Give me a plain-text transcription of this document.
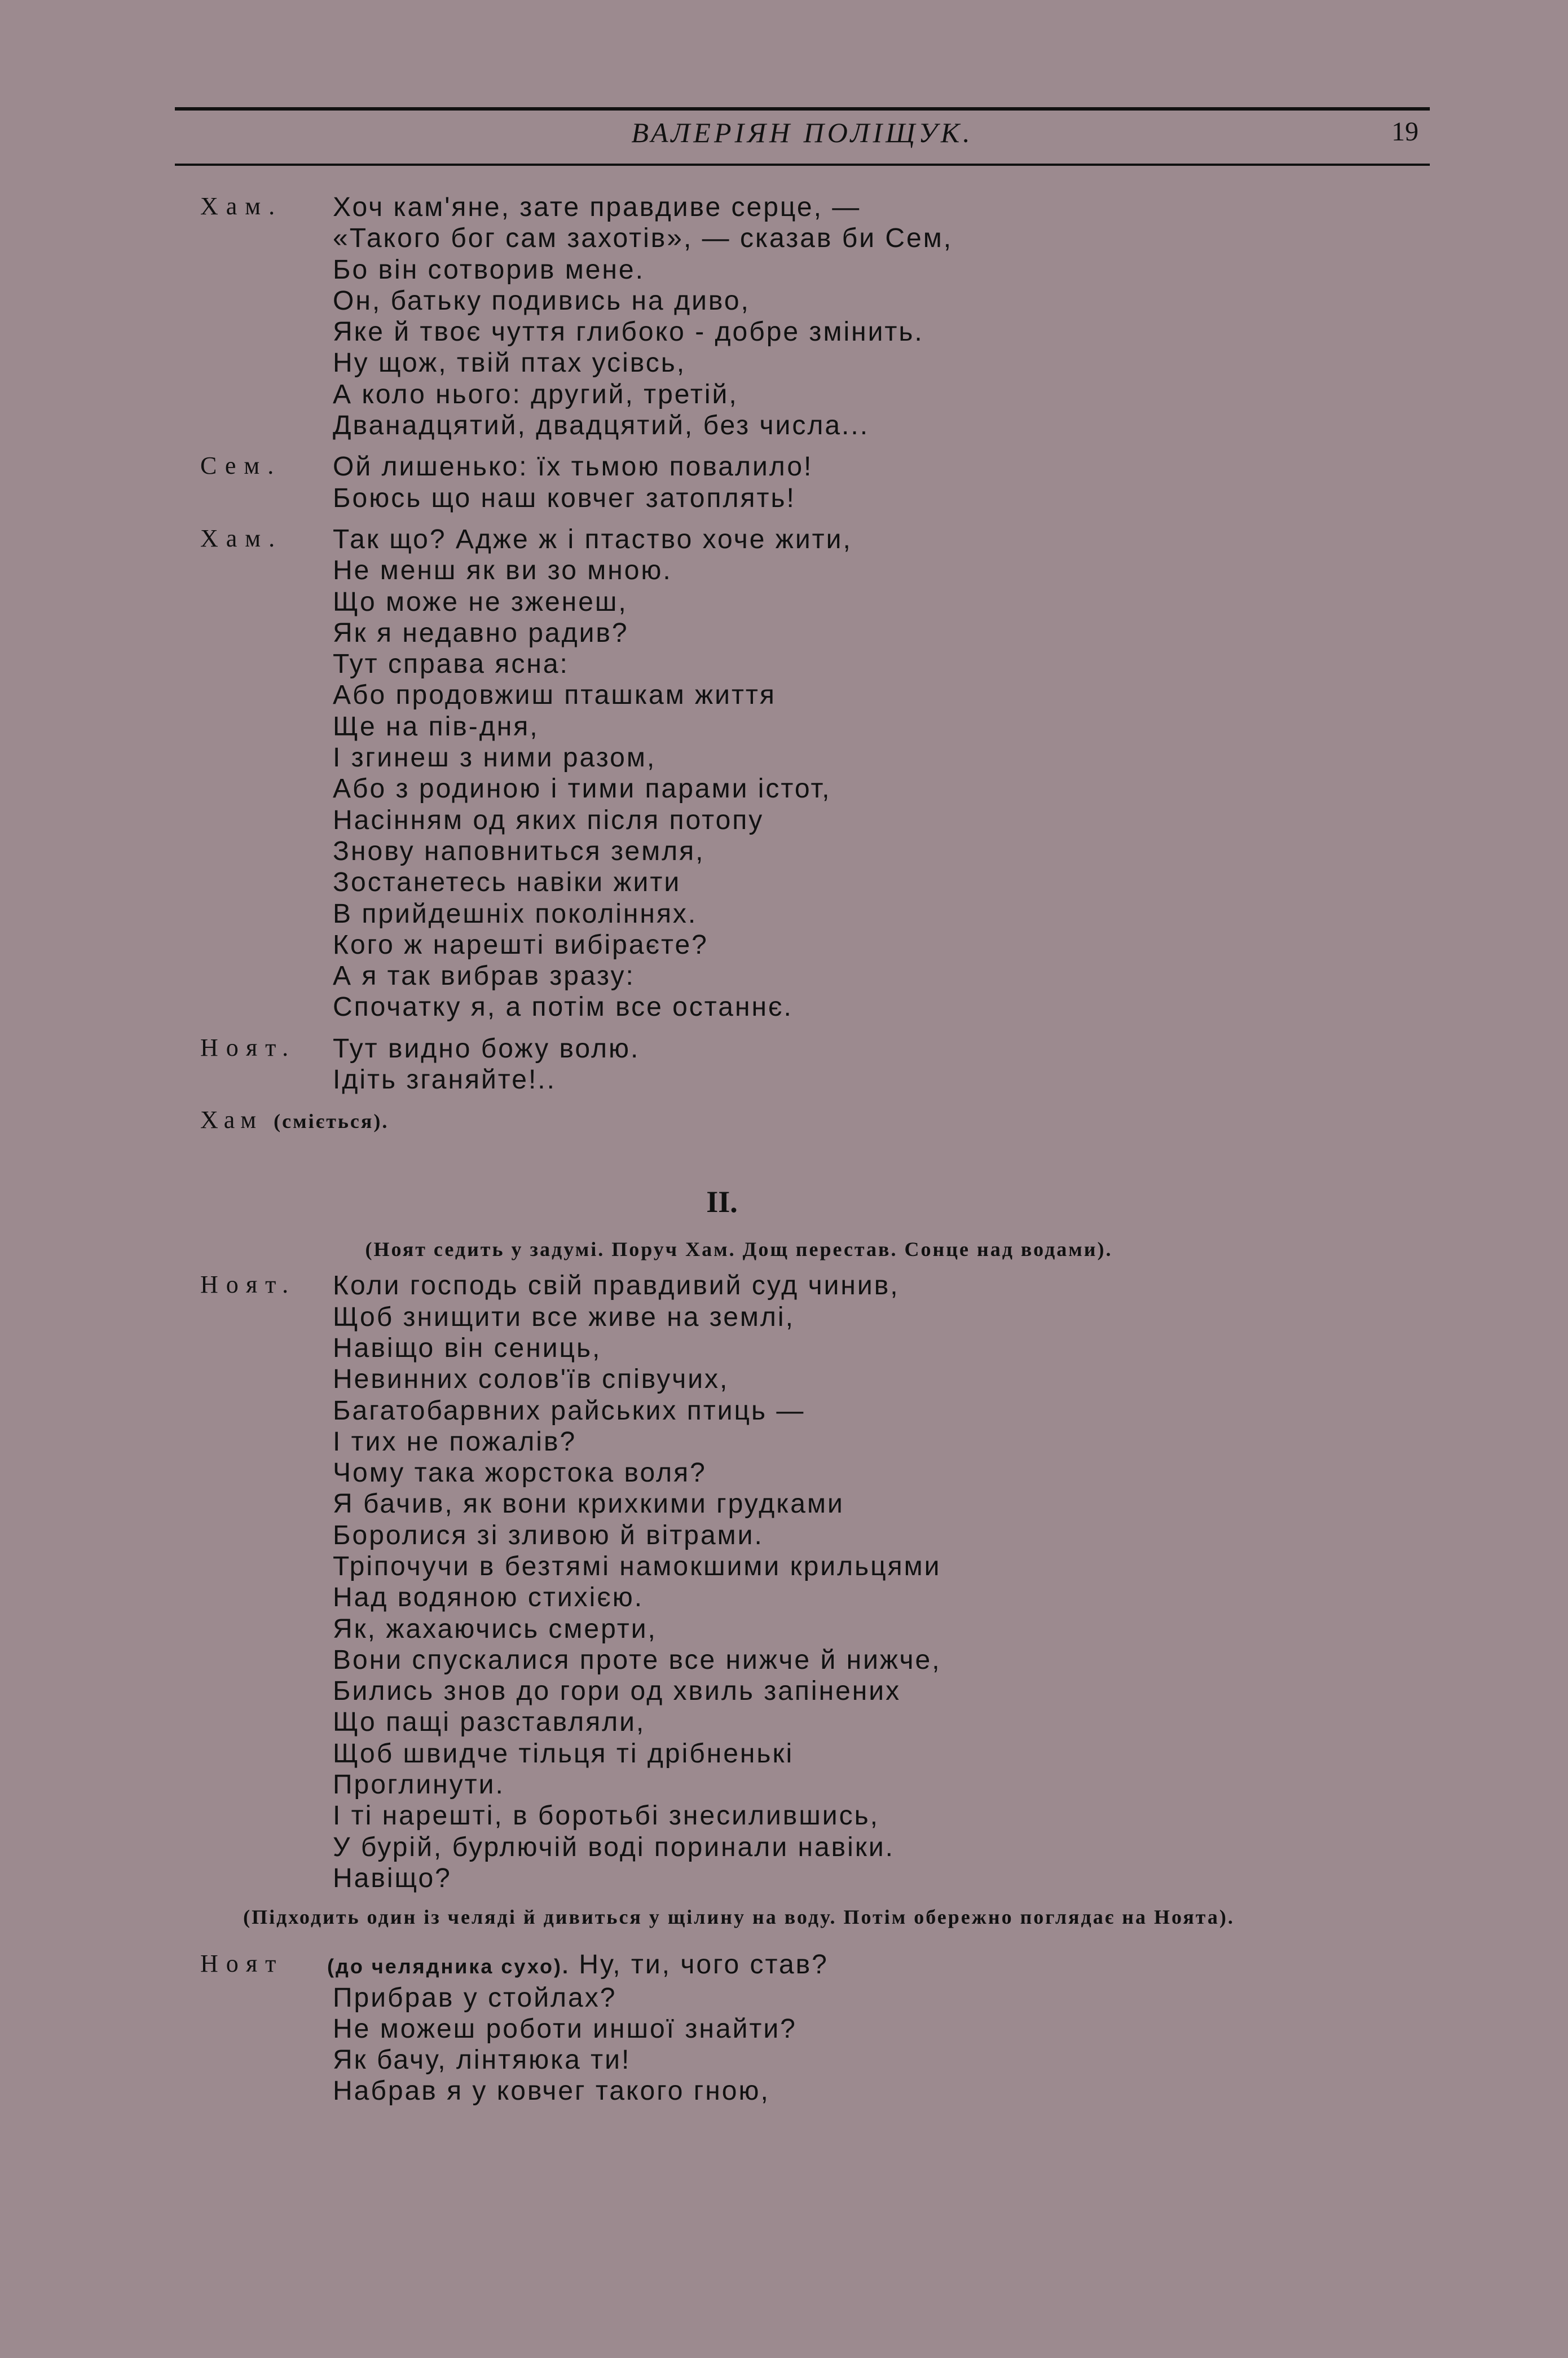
ВАЛЕРІЯН ПОЛІЩУК.	19
Хам. Хоч кам'яне, зате правдиве серце, —
«Такого бог сам захотів», — сказав би Сем,
Бо він сотворив мене.
Он, батьку подивись на диво,
Яке й твоє чуття глибоко - добре змінить.
Ну щож, твій птах усівсь,
А коло нього: другий, третій,
Дванадцятий, двадцятий, без числа...
Сем. Ой лишенько: їх тьмою повалило!
Боюсь що наш ковчег затоплять!
Хам. Так що? Адже ж і птаство хоче жити,
Не менш як ви зо мною.
Що може не зженеш,
Як я недавно радив?
Тут справа ясна:
Або продовжиш пташкам життя
Ще на пів-дня,
І згинеш з ними разом,
Або з родиною і тими парами істот,
Насінням од яких після потопу
Знову наповниться земля,
Зостанетесь навіки жити
В прийдешніх поколіннях.
Кого ж нарешті вибіраєте?
А я так вибрав зразу:
Спочатку я, а потім все останнє.
Ноят. Тут видно божу волю.
Ідіть зганяйте!..
Хам (сміється).
II.
(Ноят седить у задумі. Поруч Хам. Дощ перестав. Сонце над водами).
Ноят. Коли господь свій правдивий суд чинив,
Щоб знищити все живе на землі,
Навіщо він сениць,
Невинних солов'їв співучих,
Багатобарвних райських птиць —
І тих не пожалів?
Чому така жорстока воля?
Я бачив, як вони крихкими грудками
Боролися зі зливою й вітрами.
Тріпочучи в безтямі намокшими крильцями
Над водяною стихією.
Як, жахаючись смерти,
Вони спускалися проте все нижче й нижче,
Бились знов до гори од хвиль запінених
Що пащі разставляли,
Щоб швидче тільця ті дрібненькі
Проглинути.
І ті нарешті, в боротьбі знесилившись,
У бурій, бурлючій воді поринали навіки.
Навіщо?
(Підходить один із челяді й дивиться у щілину на воду. Потім обережно поглядає на Ноята).
Ноят (до челядника сухо). Ну, ти, чого став?
Прибрав у стойлах?
Не можеш роботи иншої знайти?
Як бачу, лінтяюка ти!
Набрав я у ковчег такого гною,
